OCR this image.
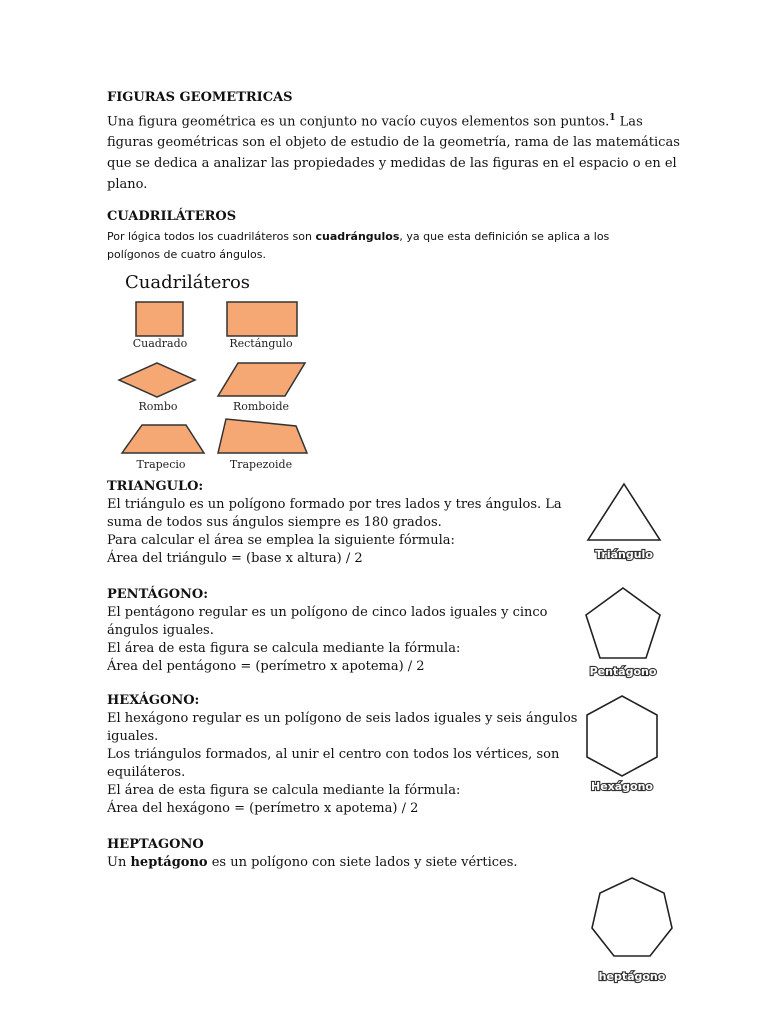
FIGURAS GEOMETRICAS
Una figura geométrica es un conjunto no vacío cuyos elementos son puntos.$^1$ Las
figuras geométricas son el objeto de estudio de la geometría, rama de las matemáticas
que se dedica a analizar las propiedades y medidas de las figuras en el espacio o en el
plano.
CUADRILÁTEROS
Por lógica todos los cuadriláteros son cuadrángulos, ya que esta definición se aplica a los
polígonos de cuatro ángulos.
Cuadriláteros
Cuadrado	Rectángulo
Rombo	Romboide
Trapecio	Trapezoide
TRIANGULO:
El triángulo es un polígono formado por tres lados y tres ángulos. La
suma de todos sus ángulos siempre es 180 grados.
Para calcular el área se emplea la siguiente fórmula:
Área del triángulo = (base x altura) / 2	Triángulo
PENTÁGONO:
El pentágono regular es un polígono de cinco lados iguales y cinco
ángulos iguales.
El área de esta figura se calcula mediante la fórmula:
Área del pentágono = (perímetro x apotema) / 2	Pentágono
HEXÁGONO:
El hexágono regular es un polígono de seis lados iguales y seis ángulos
iguales.
Los triángulos formados, al unir el centro con todos los vértices, son
equiláteros.
El área de esta figura se calcula mediante la fórmula:
Área del hexágono = (perímetro x apotema) / 2
Hexágono
HEPTAGONO
Un heptágono es un polígono con siete lados y siete vértices.
heptágono
